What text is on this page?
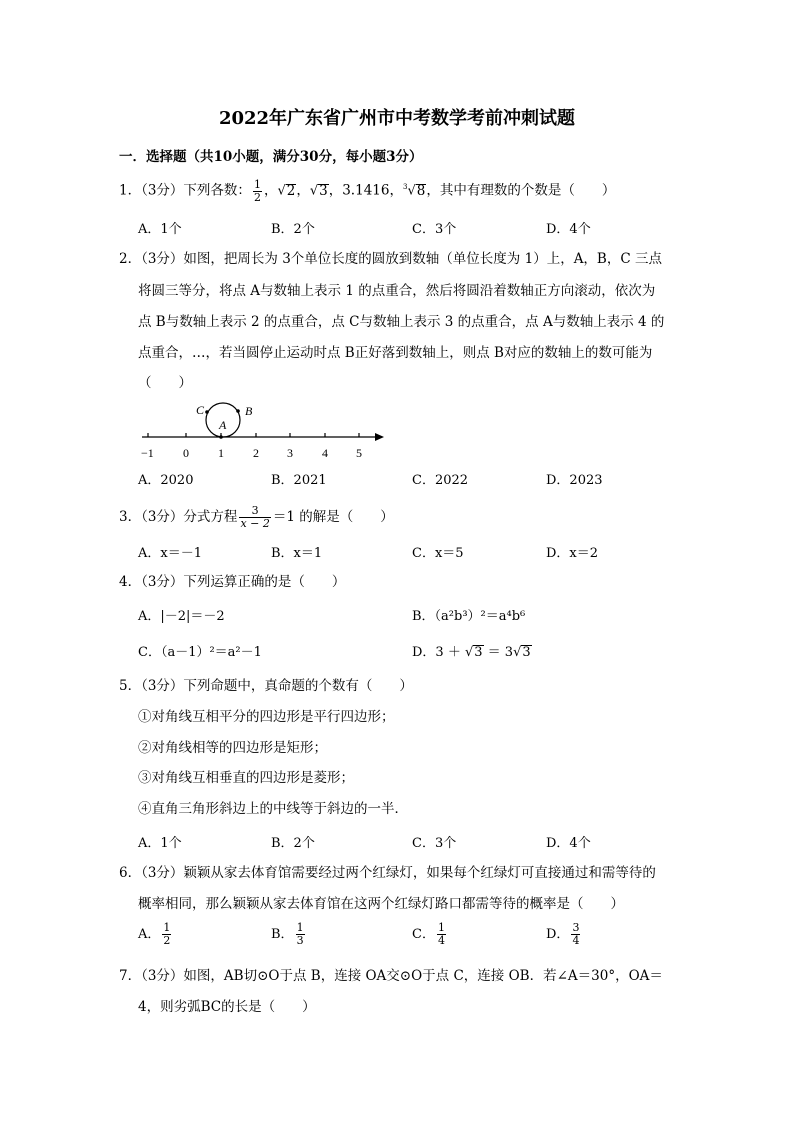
2022年广东省广州市中考数学考前冲刺试题
一．选择题（共10小题，满分30分，每小题3分）
1．（3分）下列各数： $\frac{1}{2}$ ，√2，√3，3.1416，$^3$√8，其中有理数的个数是（　　）
A．1个	B．2个	C．3个	D．4个
2．（3分）如图，把周长为 3个单位长度的圆放到数轴（单位长度为 1）上，A，B，C 三点
将圆三等分，将点 A与数轴上表示 1 的点重合，然后将圆沿着数轴正方向滚动，依次为
点 B与数轴上表示 2 的点重合，点 C与数轴上表示 3 的点重合，点 A与数轴上表示 4 的
点重合，…，若当圆停止运动时点 B正好落到数轴上，则点 B对应的数轴上的数可能为
（　　）
−1 0 1 2 3 4 5
C	B
A
A．2020	B．2021	C．2022	D．2023
3．（3分）分式方程 $\frac{3}{x - 2} =1$ 的解是（　　）
A．x＝－1	B．x＝1	C．x＝5	D．x＝2
4．（3分）下列运算正确的是（　　）
A．|－2|＝－2	B．（a²b³）²＝a⁴b⁶
C．（a－1）²＝a²－1	D．3 ＋ √3 ＝ 3√3
5．（3分）下列命题中，真命题的个数有（　　）
①对角线互相平分的四边形是平行四边形；
②对角线相等的四边形是矩形；
③对角线互相垂直的四边形是菱形；
④直角三角形斜边上的中线等于斜边的一半．
A．1个	B．2个	C．3个	D．4个
6．（3分）颖颖从家去体育馆需要经过两个红绿灯，如果每个红绿灯可直接通过和需等待的
概率相同，那么颖颖从家去体育馆在这两个红绿灯路口都需等待的概率是（　　）
A． $\frac{1}{2}$	B． $\frac{1}{3}$	C． $\frac{1}{4}$	D． $\frac{3}{4}$
7．（3分）如图，AB切⊙O于点 B，连接 OA交⊙O于点 C，连接 OB．若∠A＝30°，OA＝
4，则劣弧BC的长是（　　）
